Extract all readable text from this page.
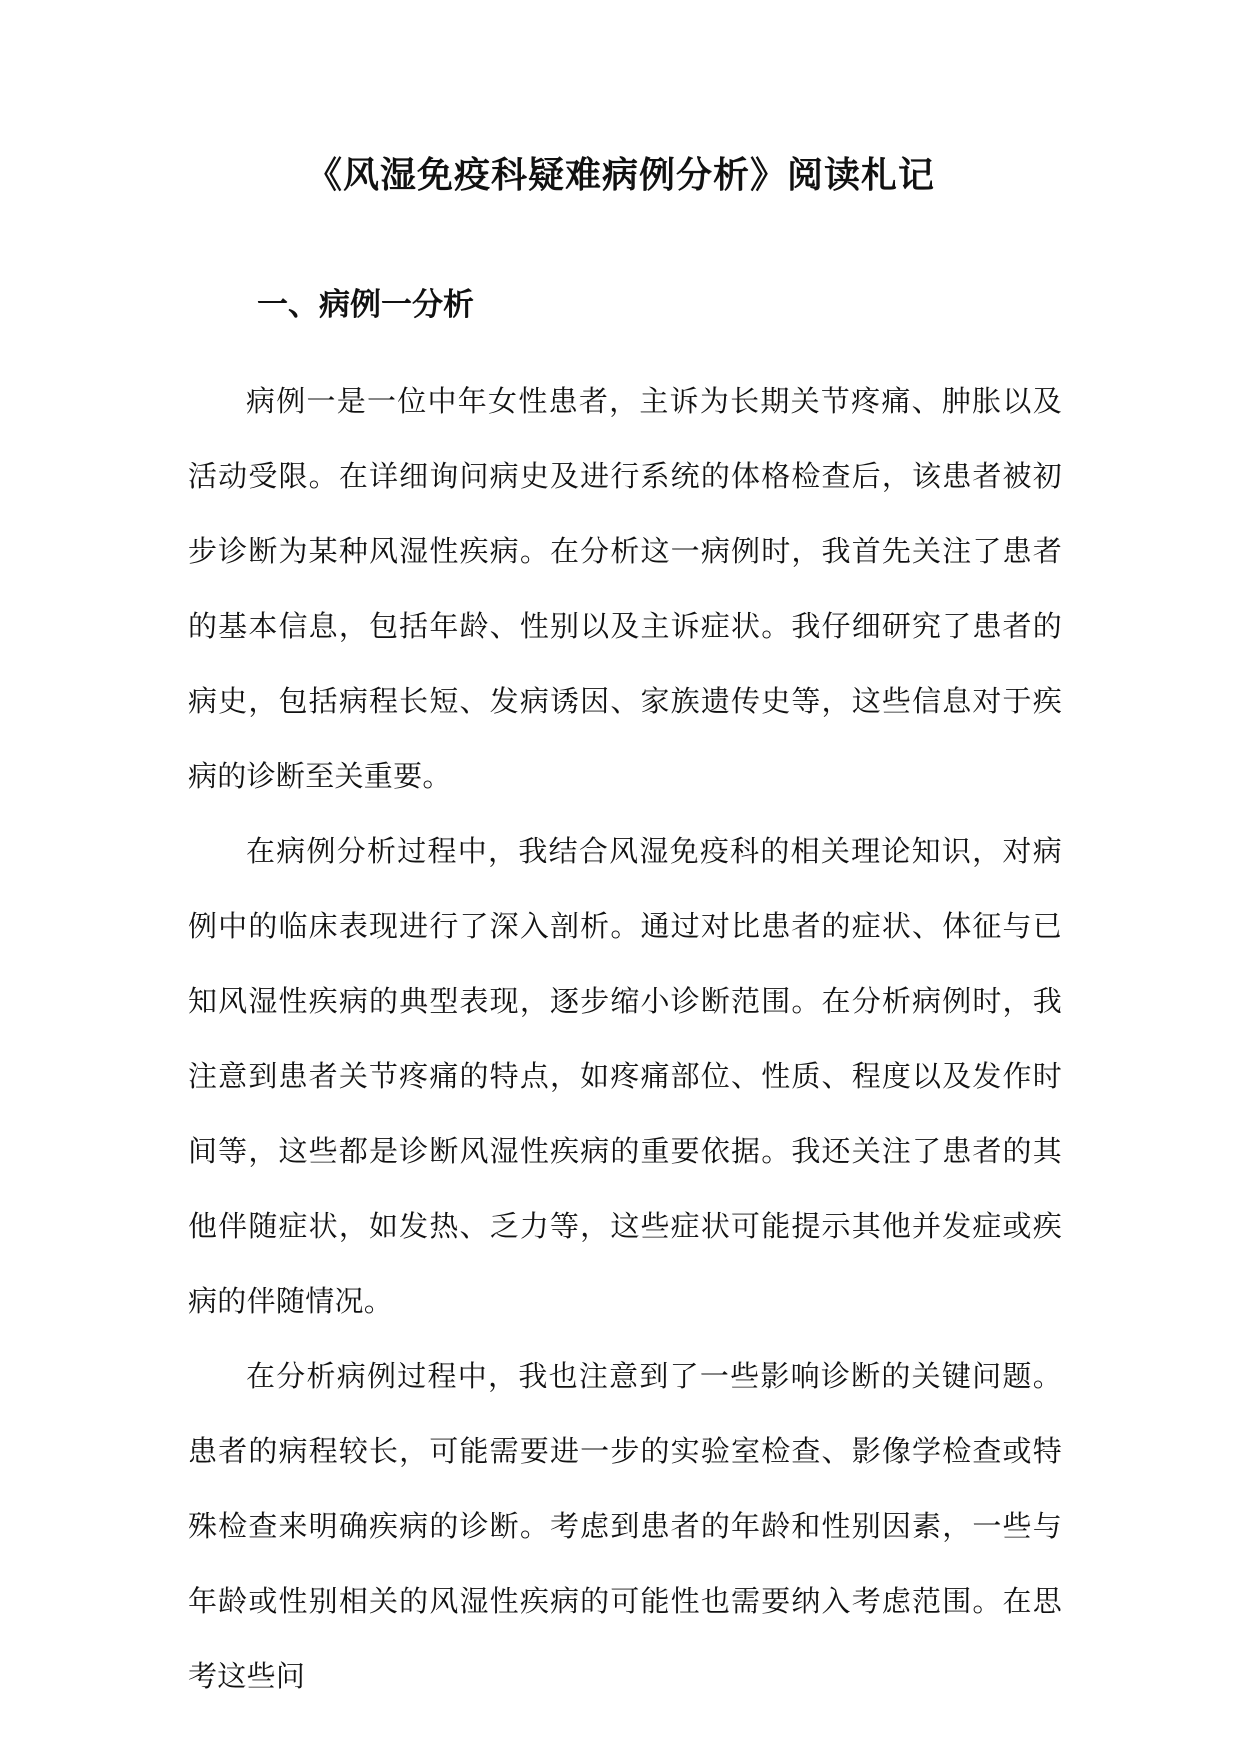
《风湿免疫科疑难病例分析》阅读札记
一、病例一分析

病例一是一位中年女性患者，主诉为长期关节疼痛、肿胀以及活动受限。在详细询问病史及进行系统的体格检查后，该患者被初步诊断为某种风湿性疾病。在分析这一病例时，我首先关注了患者的基本信息，包括年龄、性别以及主诉症状。我仔细研究了患者的病史，包括病程长短、发病诱因、家族遗传史等，这些信息对于疾病的诊断至关重要。

在病例分析过程中，我结合风湿免疫科的相关理论知识，对病例中的临床表现进行了深入剖析。通过对比患者的症状、体征与已知风湿性疾病的典型表现，逐步缩小诊断范围。在分析病例时，我注意到患者关节疼痛的特点，如疼痛部位、性质、程度以及发作时间等，这些都是诊断风湿性疾病的重要依据。我还关注了患者的其他伴随症状，如发热、乏力等，这些症状可能提示其他并发症或疾病的伴随情况。

在分析病例过程中，我也注意到了一些影响诊断的关键问题。患者的病程较长，可能需要进一步的实验室检查、影像学检查或特殊检查来明确疾病的诊断。考虑到患者的年龄和性别因素，一些与年龄或性别相关的风湿性疾病的可能性也需要纳入考虑范围。在思考这些问
